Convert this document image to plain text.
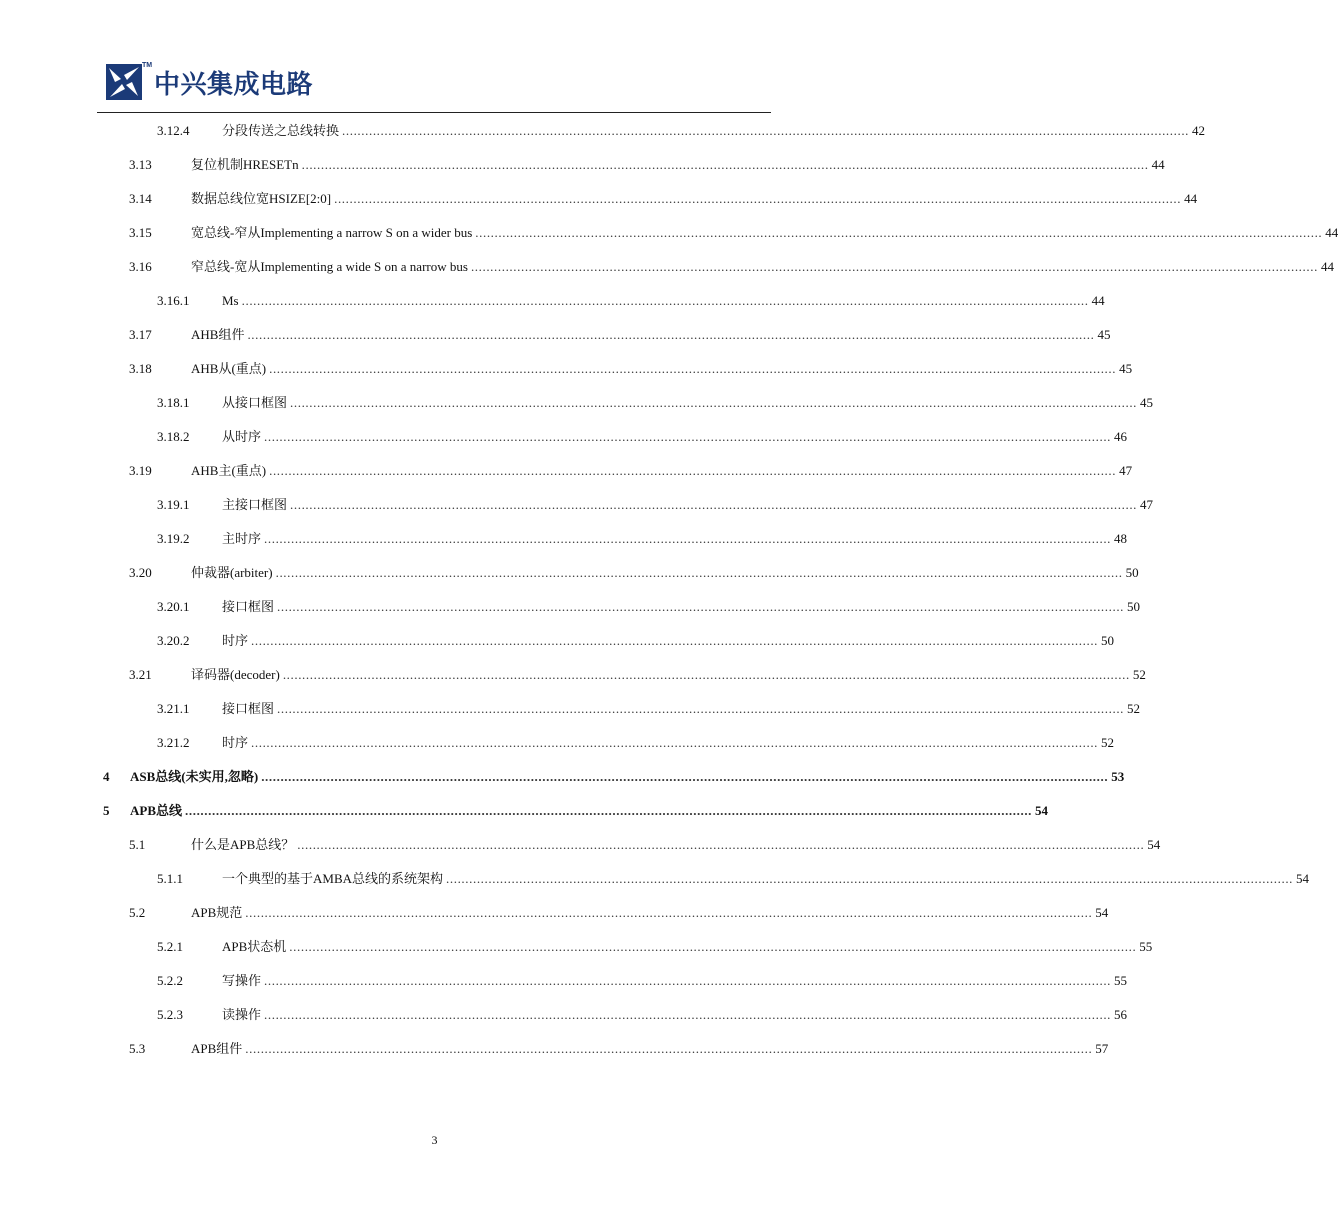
TM
中兴集成电路
3.12.4	分段传送之总线转换 ............................................................................................................................................................................................................................ 42
3.13	复位机制HRESETn ............................................................................................................................................................................................................................ 44
3.14	数据总线位宽HSIZE[2:0] ............................................................................................................................................................................................................................ 44
3.15	宽总线-窄从Implementing a narrow S on a wider bus ............................................................................................................................................................................................................................ 44
3.16	窄总线-宽从Implementing a wide S on a narrow bus ............................................................................................................................................................................................................................ 44
3.16.1	Ms ............................................................................................................................................................................................................................ 44
3.17	AHB组件 ............................................................................................................................................................................................................................ 45
3.18	AHB从(重点) ............................................................................................................................................................................................................................ 45
3.18.1	从接口框图 ............................................................................................................................................................................................................................ 45
3.18.2	从时序 ............................................................................................................................................................................................................................ 46
3.19	AHB主(重点) ............................................................................................................................................................................................................................ 47
3.19.1	主接口框图 ............................................................................................................................................................................................................................ 47
3.19.2	主时序 ............................................................................................................................................................................................................................ 48
3.20	仲裁器(arbiter) ............................................................................................................................................................................................................................ 50
3.20.1	接口框图 ............................................................................................................................................................................................................................ 50
3.20.2	时序 ............................................................................................................................................................................................................................ 50
3.21	译码器(decoder) ............................................................................................................................................................................................................................ 52
3.21.1	接口框图 ............................................................................................................................................................................................................................ 52
3.21.2	时序 ............................................................................................................................................................................................................................ 52
4 ASB总线(未实用,忽略) ............................................................................................................................................................................................................................ 53
5 APB总线 ............................................................................................................................................................................................................................ 54
5.1	什么是APB总线？ ............................................................................................................................................................................................................................ 54
5.1.1	一个典型的基于AMBA总线的系统架构 ............................................................................................................................................................................................................................ 54
5.2	APB规范 ............................................................................................................................................................................................................................ 54
5.2.1	APB状态机 ............................................................................................................................................................................................................................ 55
5.2.2	写操作 ............................................................................................................................................................................................................................ 55
5.2.3	读操作 ............................................................................................................................................................................................................................ 56
5.3	APB组件 ............................................................................................................................................................................................................................ 57
3
